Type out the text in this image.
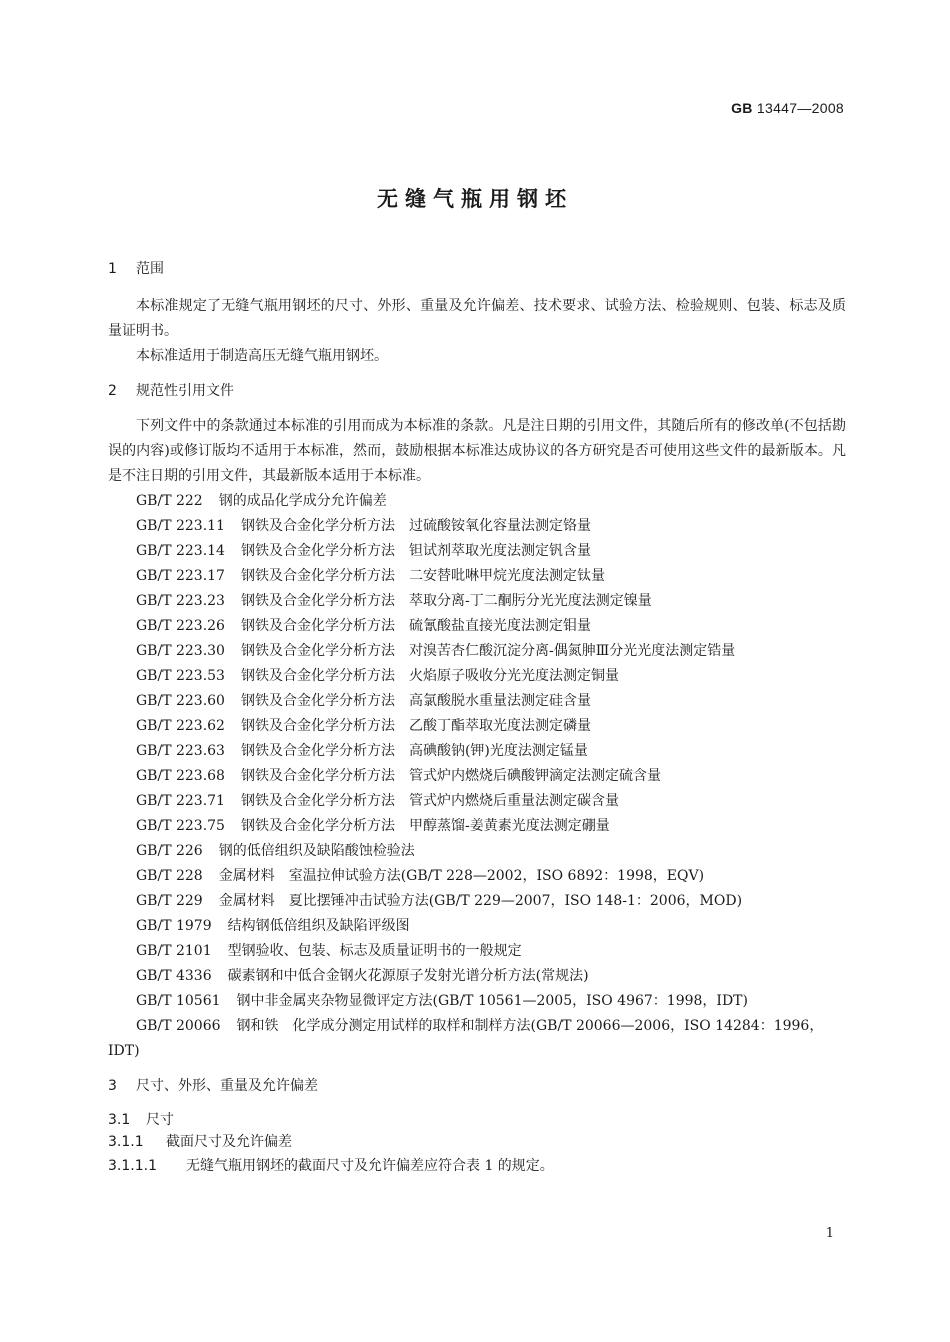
GB 13447—2008
无缝气瓶用钢坯
1 范围

本标准规定了无缝气瓶用钢坯的尺寸、外形、重量及允许偏差、技术要求、试验方法、检验规则、包装、标志及质量证明书。

本标准适用于制造高压无缝气瓶用钢坯。

2 规范性引用文件

下列文件中的条款通过本标准的引用而成为本标准的条款。凡是注日期的引用文件，其随后所有的修改单(不包括勘误的内容)或修订版均不适用于本标准，然而，鼓励根据本标准达成协议的各方研究是否可使用这些文件的最新版本。凡是不注日期的引用文件，其最新版本适用于本标准。

GB/T 222 钢的成品化学成分允许偏差

GB/T 223.11 钢铁及合金化学分析方法　过硫酸铵氧化容量法测定铬量

GB/T 223.14 钢铁及合金化学分析方法　钽试剂萃取光度法测定钒含量

GB/T 223.17 钢铁及合金化学分析方法　二安替吡啉甲烷光度法测定钛量

GB/T 223.23 钢铁及合金化学分析方法　萃取分离-丁二酮肟分光光度法测定镍量

GB/T 223.26 钢铁及合金化学分析方法　硫氰酸盐直接光度法测定钼量

GB/T 223.30 钢铁及合金化学分析方法　对溴苦杏仁酸沉淀分离-偶氮胂Ⅲ分光光度法测定锆量

GB/T 223.53 钢铁及合金化学分析方法　火焰原子吸收分光光度法测定铜量

GB/T 223.60 钢铁及合金化学分析方法　高氯酸脱水重量法测定硅含量

GB/T 223.62 钢铁及合金化学分析方法　乙酸丁酯萃取光度法测定磷量

GB/T 223.63 钢铁及合金化学分析方法　高碘酸钠(钾)光度法测定锰量

GB/T 223.68 钢铁及合金化学分析方法　管式炉内燃烧后碘酸钾滴定法测定硫含量

GB/T 223.71 钢铁及合金化学分析方法　管式炉内燃烧后重量法测定碳含量

GB/T 223.75 钢铁及合金化学分析方法　甲醇蒸馏-姜黄素光度法测定硼量

GB/T 226 钢的低倍组织及缺陷酸蚀检验法

GB/T 228 金属材料　室温拉伸试验方法(GB/T 228—2002，ISO 6892：1998，EQV)

GB/T 229 金属材料　夏比摆锤冲击试验方法(GB/T 229—2007，ISO 148-1：2006，MOD)

GB/T 1979 结构钢低倍组织及缺陷评级图

GB/T 2101 型钢验收、包装、标志及质量证明书的一般规定

GB/T 4336 碳素钢和中低合金钢火花源原子发射光谱分析方法(常规法)

GB/T 10561 钢中非金属夹杂物显微评定方法(GB/T 10561—2005，ISO 4967：1998，IDT)

GB/T 20066 钢和铁　化学成分测定用试样的取样和制样方法(GB/T 20066—2006，ISO 14284：1996，IDT)

3 尺寸、外形、重量及允许偏差
3.1 尺寸
3.1.1 截面尺寸及允许偏差

3.1.1.1 无缝气瓶用钢坯的截面尺寸及允许偏差应符合表 1 的规定。

1
